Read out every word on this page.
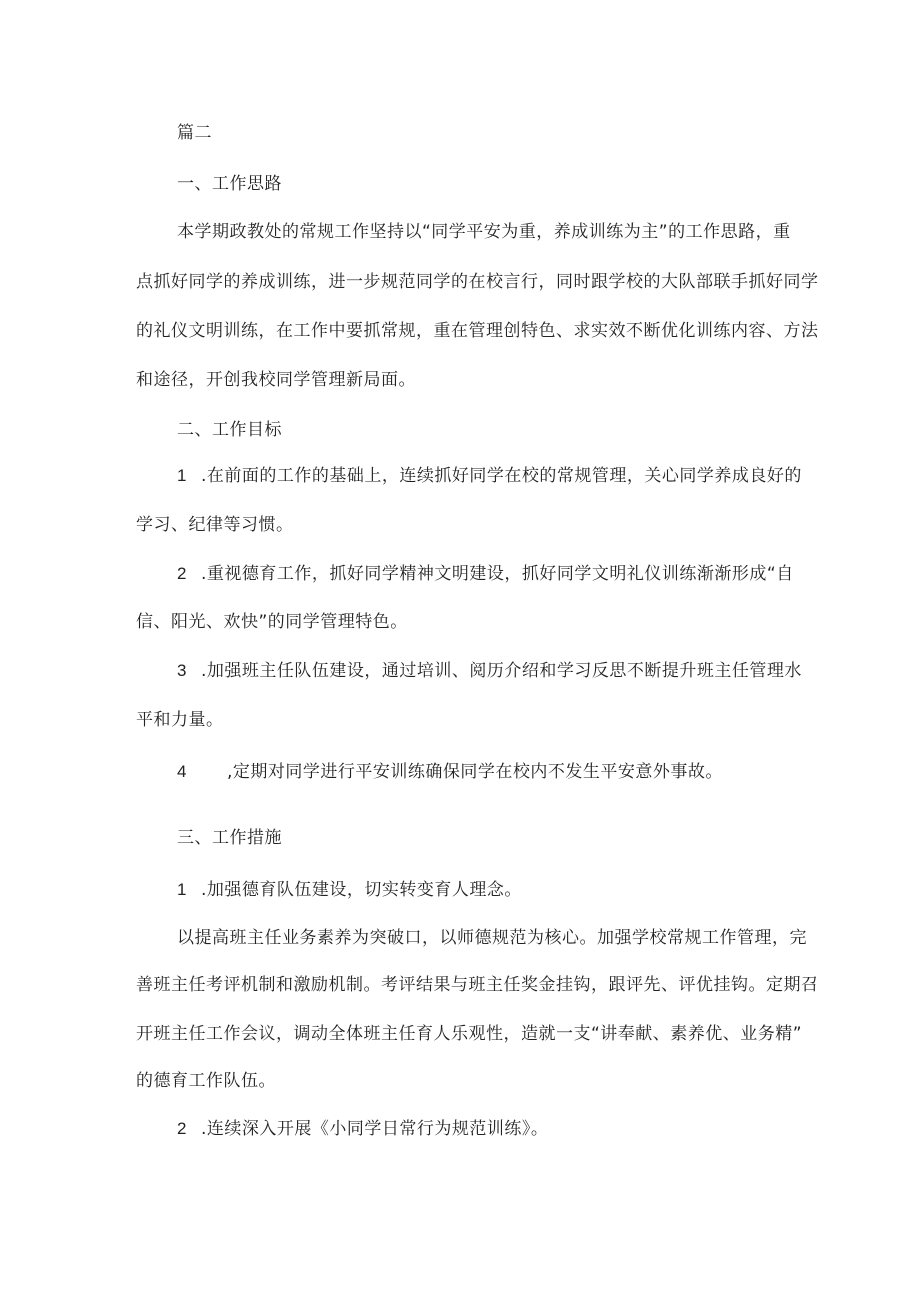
篇二
一、工作思路
本学期政教处的常规工作坚持以“同学平安为重，养成训练为主”的工作思路，重
点抓好同学的养成训练，进一步规范同学的在校言行，同时跟学校的大队部联手抓好同学
的礼仪文明训练，在工作中要抓常规，重在管理创特色、求实效不断优化训练内容、方法
和途径，开创我校同学管理新局面。
二、工作目标
1 .在前面的工作的基础上，连续抓好同学在校的常规管理，关心同学养成良好的
学习、纪律等习惯。
2 .重视德育工作，抓好同学精神文明建设，抓好同学文明礼仪训练渐渐形成“自
信、阳光、欢快”的同学管理特色。
3 .加强班主任队伍建设，通过培训、阅历介绍和学习反思不断提升班主任管理水
平和力量。
4 ,定期对同学进行平安训练确保同学在校内不发生平安意外事故。
三、工作措施
1 .加强德育队伍建设，切实转变育人理念。
以提高班主任业务素养为突破口，以师德规范为核心。加强学校常规工作管理，完
善班主任考评机制和激励机制。考评结果与班主任奖金挂钩，跟评先、评优挂钩。定期召
开班主任工作会议，调动全体班主任育人乐观性，造就一支“讲奉献、素养优、业务精”
的德育工作队伍。
2 .连续深入开展《小同学日常行为规范训练》。
